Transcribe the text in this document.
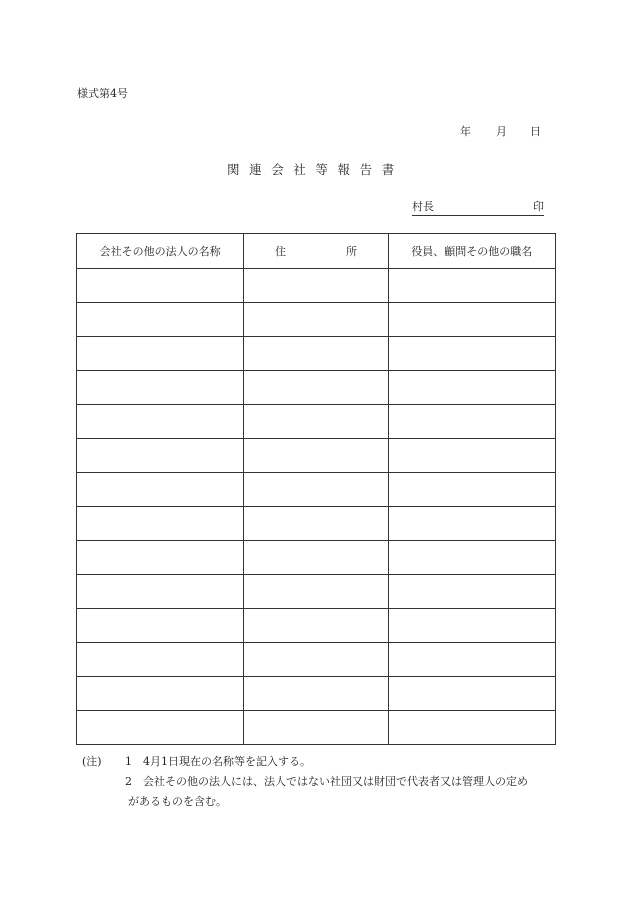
様式第4号
年	月	日
関連会社等報告書
村長	印
会社その他の法人の名称	住 所	役員、顧問その他の職名

(注)	1	4月1日現在の名称等を記入する。
2	会社その他の法人には、法人ではない社団又は財団で代表者又は管理人の定め
があるものを含む。
